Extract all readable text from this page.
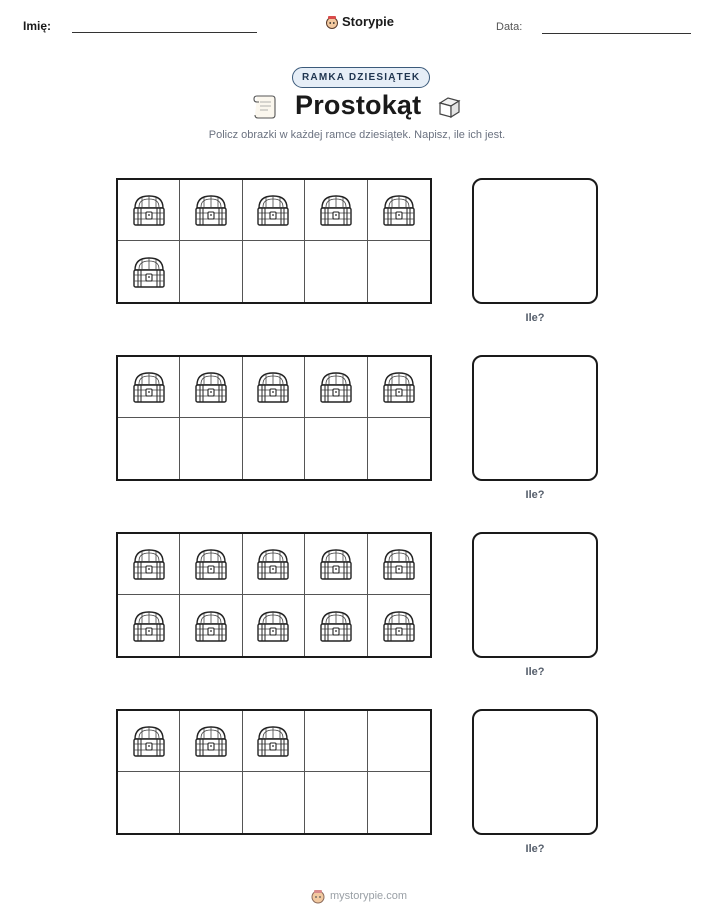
Imię:	Storypie	Data:
RAMKA DZIESIĄTEK
Prostokąt
Policz obrazki w każdej ramce dziesiątek. Napisz, ile ich jest.
Ile?
Ile?
Ile?
Ile?
mystorypie.com
